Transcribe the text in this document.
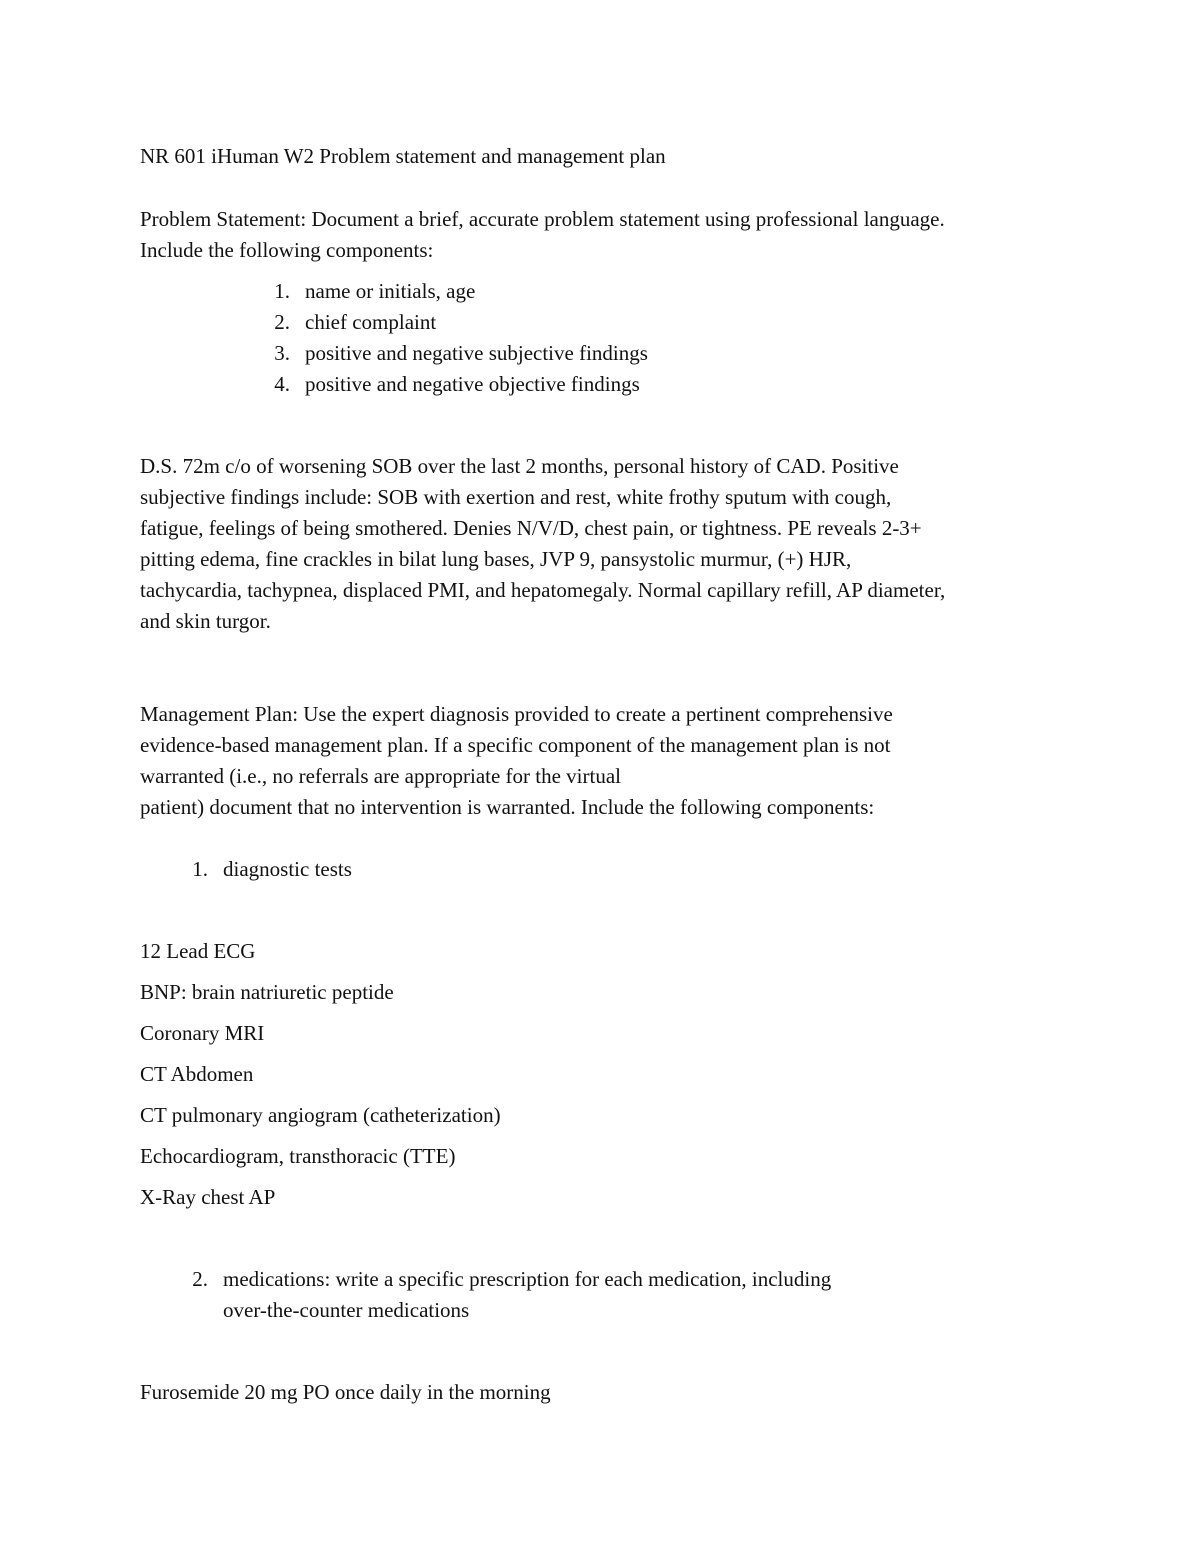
NR 601 iHuman W2 Problem statement and management plan
Problem Statement: Document a brief, accurate problem statement using professional language.
Include the following components:
1. name or initials, age
2. chief complaint
3. positive and negative subjective findings
4. positive and negative objective findings
D.S. 72m c/o of worsening SOB over the last 2 months, personal history of CAD. Positive
subjective findings include: SOB with exertion and rest, white frothy sputum with cough,
fatigue, feelings of being smothered. Denies N/V/D, chest pain, or tightness. PE reveals 2-3+
pitting edema, fine crackles in bilat lung bases, JVP 9, pansystolic murmur, (+) HJR,
tachycardia, tachypnea, displaced PMI, and hepatomegaly. Normal capillary refill, AP diameter,
and skin turgor.
Management Plan: Use the expert diagnosis provided to create a pertinent comprehensive
evidence-based management plan. If a specific component of the management plan is not
warranted (i.e., no referrals are appropriate for the virtual
patient) document that no intervention is warranted. Include the following components:
1. diagnostic tests
12 Lead ECG
BNP: brain natriuretic peptide
Coronary MRI
CT Abdomen
CT pulmonary angiogram (catheterization)
Echocardiogram, transthoracic (TTE)
X-Ray chest AP
2. medications: write a specific prescription for each medication, including
over-the-counter medications
Furosemide 20 mg PO once daily in the morning
